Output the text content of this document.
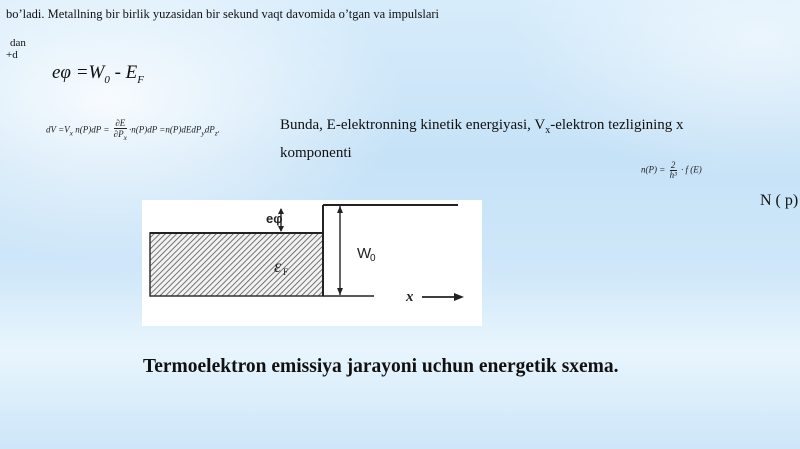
bo’ladi. Metallning bir birlik yuzasidan bir sekund vaqt davomida o’tgan va impulslari
dan
+d
$e\varphi =W_0 - E_F$
dV $=V_x$ $n(P)dP = \frac{\partial E}{\partial P_x} \cdot n(P)dP$ $=n(P)dEdP_ydP_z$.	Bunda, E-elektronning kinetik energiyasi, $V_x$-elektron tezligining x komponenti
$n(P) = \frac{2}{\text{h³}} \cdot f$ (E)
N ( p)
eφ
W
0
ε F
x
Termoelektron emissiya jarayoni uchun energetik sxema.
